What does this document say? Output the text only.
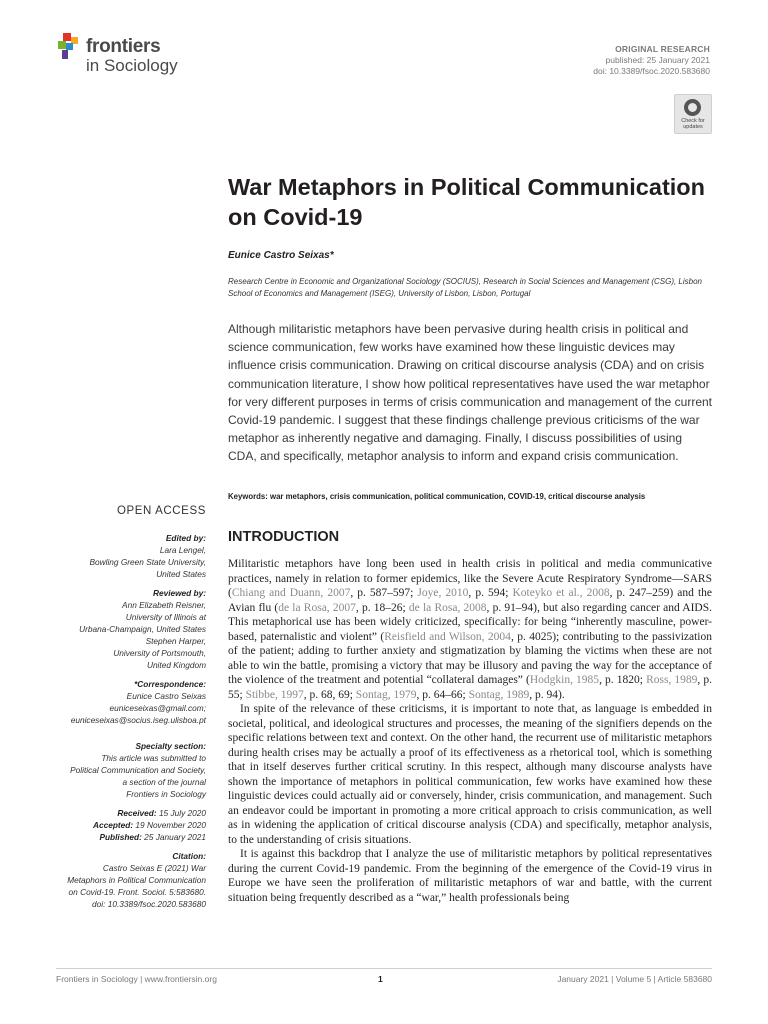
frontiers
in Sociology
ORIGINAL RESEARCH
published: 25 January 2021
doi: 10.3389/fsoc.2020.583680
Check for updates
War Metaphors in Political Communication on Covid-19
Eunice Castro Seixas*
Research Centre in Economic and Organizational Sociology (SOCIUS), Research in Social Sciences and Management (CSG), Lisbon School of Economics and Management (ISEG), University of Lisbon, Lisbon, Portugal

Although militaristic metaphors have been pervasive during health crisis in political and science communication, few works have examined how these linguistic devices may influence crisis communication. Drawing on critical discourse analysis (CDA) and on crisis communication literature, I show how political representatives have used the war metaphor for very different purposes in terms of crisis communication and management of the current Covid-19 pandemic. I suggest that these findings challenge previous criticisms of the war metaphor as inherently negative and damaging. Finally, I discuss possibilities of using CDA, and specifically, metaphor analysis to inform and expand crisis communication.

Keywords: war metaphors, crisis communication, political communication, COVID-19, critical discourse analysis
OPEN ACCESS
Edited by:
Lara Lengel,
Bowling Green State University,
United States
Reviewed by:
Ann Elizabeth Reisner,
University of Illinois at
Urbana-Champaign, United States
Stephen Harper,
University of Portsmouth,
United Kingdom
*Correspondence:
Eunice Castro Seixas
euniceseixas@gmail.com;
euniceseixas@socius.iseg.ulisboa.pt
Specialty section:
This article was submitted to
Political Communication and Society,
a section of the journal
Frontiers in Sociology
Received: 15 July 2020
Accepted: 19 November 2020
Published: 25 January 2021
Citation:
Castro Seixas E (2021) War
Metaphors in Political Communication
on Covid-19. Front. Sociol. 5:583680.
doi: 10.3389/fsoc.2020.583680
INTRODUCTION

Militaristic metaphors have long been used in health crisis in political and media communicative practices, namely in relation to former epidemics, like the Severe Acute Respiratory Syndrome—SARS (Chiang and Duann, 2007, p. 587–597; Joye, 2010, p. 594; Koteyko et al., 2008, p. 247–259) and the Avian flu (de la Rosa, 2007, p. 18–26; de la Rosa, 2008, p. 91–94), but also regarding cancer and AIDS. This metaphorical use has been widely criticized, specifically: for being “inherently masculine, power-based, paternalistic and violent” (Reisfield and Wilson, 2004, p. 4025); contributing to the passivization of the patient; adding to further anxiety and stigmatization by blaming the victims when these are not able to win the battle, promising a victory that may be illusory and paving the way for the acceptance of the violence of the treatment and potential “collateral damages” (Hodgkin, 1985, p. 1820; Ross, 1989, p. 55; Stibbe, 1997, p. 68, 69; Sontag, 1979, p. 64–66; Sontag, 1989, p. 94).

In spite of the relevance of these criticisms, it is important to note that, as language is embedded in societal, political, and ideological structures and processes, the meaning of the signifiers depends on the specific relations between text and context. On the other hand, the recurrent use of militaristic metaphors during health crises may be actually a proof of its effectiveness as a rhetorical tool, which is something that in itself deserves further critical scrutiny. In this respect, although many discourse analysts have shown the importance of metaphors in political communication, few works have examined how these linguistic devices could actually aid or conversely, hinder, crisis communication, and management. Such an endeavor could be important in promoting a more critical approach to crisis communication, as well as in widening the application of critical discourse analysis (CDA) and specifically, metaphor analysis, to the understanding of crisis situations.

It is against this backdrop that I analyze the use of militaristic metaphors by political representatives during the current Covid-19 pandemic. From the beginning of the emergence of the Covid-19 virus in Europe we have seen the proliferation of militaristic metaphors of war and battle, with the current situation being frequently described as a “war,” health professionals being

Frontiers in Sociology | www.frontiersin.org	1	January 2021 | Volume 5 | Article 583680
